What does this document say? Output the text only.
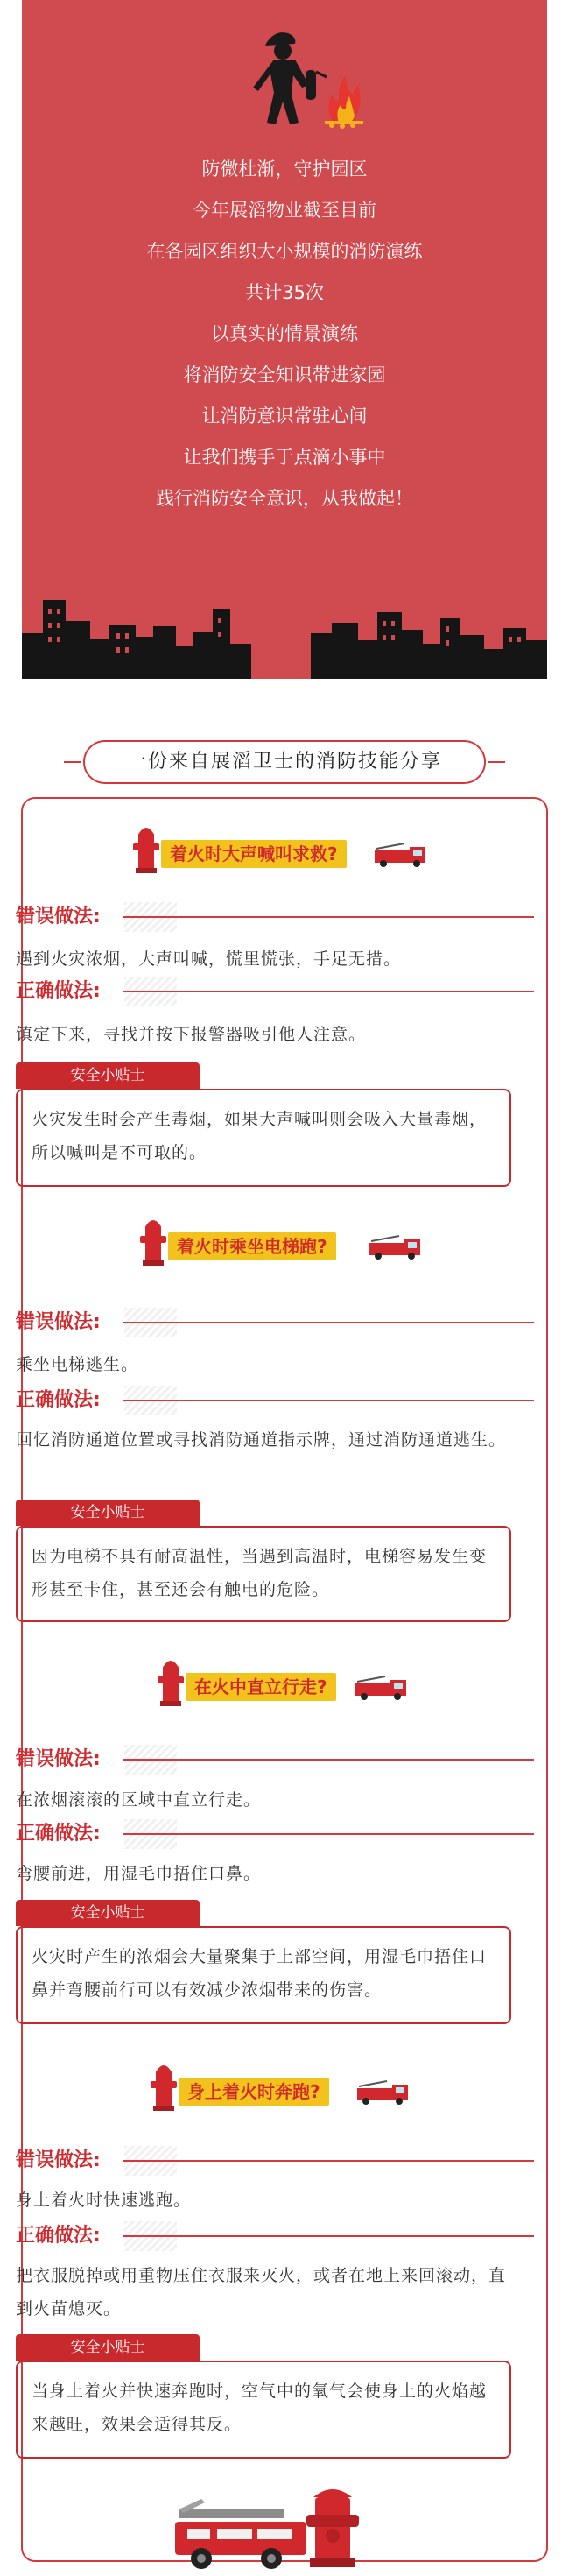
防微杜渐，守护园区
今年展滔物业截至目前
在各园区组织大小规模的消防演练
共计35次
以真实的情景演练
将消防安全知识带进家园
让消防意识常驻心间
让我们携手于点滴小事中
践行消防安全意识，从我做起！
一份来自展滔卫士的消防技能分享
着火时大声喊叫求救?
错误做法:
遇到火灾浓烟，大声叫喊，慌里慌张，手足无措。
正确做法:
镇定下来，寻找并按下报警器吸引他人注意。
安全小贴士
火灾发生时会产生毒烟，如果大声喊叫则会吸入大量毒烟，所以喊叫是不可取的。
着火时乘坐电梯跑?
错误做法:
乘坐电梯逃生。
正确做法:
回忆消防通道位置或寻找消防通道指示牌，通过消防通道逃生。
安全小贴士
因为电梯不具有耐高温性，当遇到高温时，电梯容易发生变形甚至卡住，甚至还会有触电的危险。
在火中直立行走?
错误做法:
在浓烟滚滚的区域中直立行走。
正确做法:
弯腰前进，用湿毛巾捂住口鼻。
安全小贴士
火灾时产生的浓烟会大量聚集于上部空间，用湿毛巾捂住口鼻并弯腰前行可以有效减少浓烟带来的伤害。
身上着火时奔跑?
错误做法:
身上着火时快速逃跑。
正确做法:
把衣服脱掉或用重物压住衣服来灭火，或者在地上来回滚动，直到火苗熄灭。
安全小贴士
当身上着火并快速奔跑时，空气中的氧气会使身上的火焰越来越旺，效果会适得其反。
